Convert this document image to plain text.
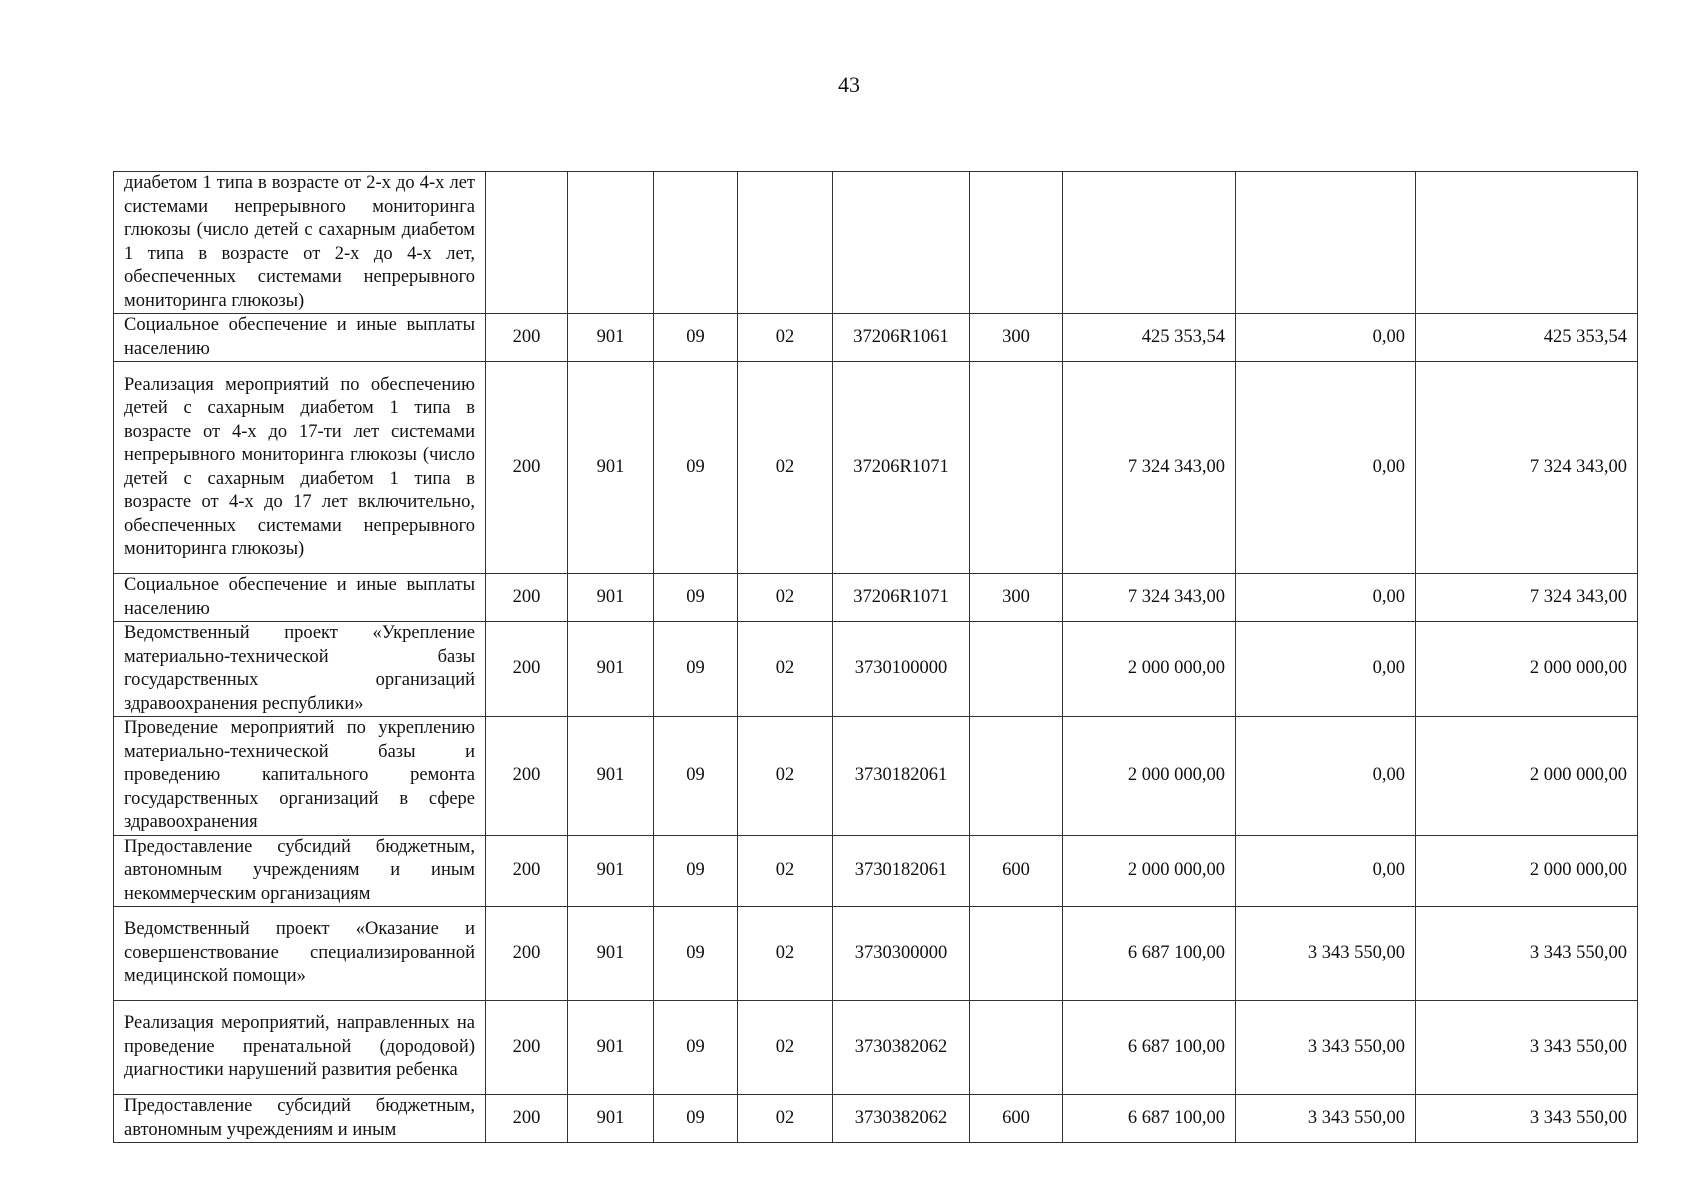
43
диабетом 1 типа в возрасте от 2-х до 4-х лет системами непрерывного мониторинга глюкозы (число детей с сахарным диабетом 1 типа в возрасте от 2-х до 4-х лет, обеспеченных системами непрерывного мониторинга глюкозы)									
Социальное обеспечение и иные выплаты населению	200	901	09	02	37206R1061	300	425 353,54	0,00	425 353,54
Реализация мероприятий по обеспечению детей с сахарным диабетом 1 типа в возрасте от 4-х до 17-ти лет системами непрерывного мониторинга глюкозы (число детей с сахарным диабетом 1 типа в возрасте от 4-х до 17 лет включительно, обеспеченных системами непрерывного мониторинга глюкозы)	200	901	09	02	37206R1071		7 324 343,00	0,00	7 324 343,00
Социальное обеспечение и иные выплаты населению	200	901	09	02	37206R1071	300	7 324 343,00	0,00	7 324 343,00
Ведомственный проект «Укрепление материально-технической базы государственных организаций здравоохранения республики»	200	901	09	02	3730100000		2 000 000,00	0,00	2 000 000,00
Проведение мероприятий по укреплению материально-технической базы и проведению капитального ремонта государственных организаций в сфере здравоохранения	200	901	09	02	3730182061		2 000 000,00	0,00	2 000 000,00
Предоставление субсидий бюджетным, автономным учреждениям и иным некоммерческим организациям	200	901	09	02	3730182061	600	2 000 000,00	0,00	2 000 000,00
Ведомственный проект «Оказание и совершенствование специализированной медицинской помощи»	200	901	09	02	3730300000		6 687 100,00	3 343 550,00	3 343 550,00
Реализация мероприятий, направленных на проведение пренатальной (дородовой) диагностики нарушений развития ребенка	200	901	09	02	3730382062		6 687 100,00	3 343 550,00	3 343 550,00
Предоставление субсидий бюджетным, автономным учреждениям и иным	200	901	09	02	3730382062	600	6 687 100,00	3 343 550,00	3 343 550,00
